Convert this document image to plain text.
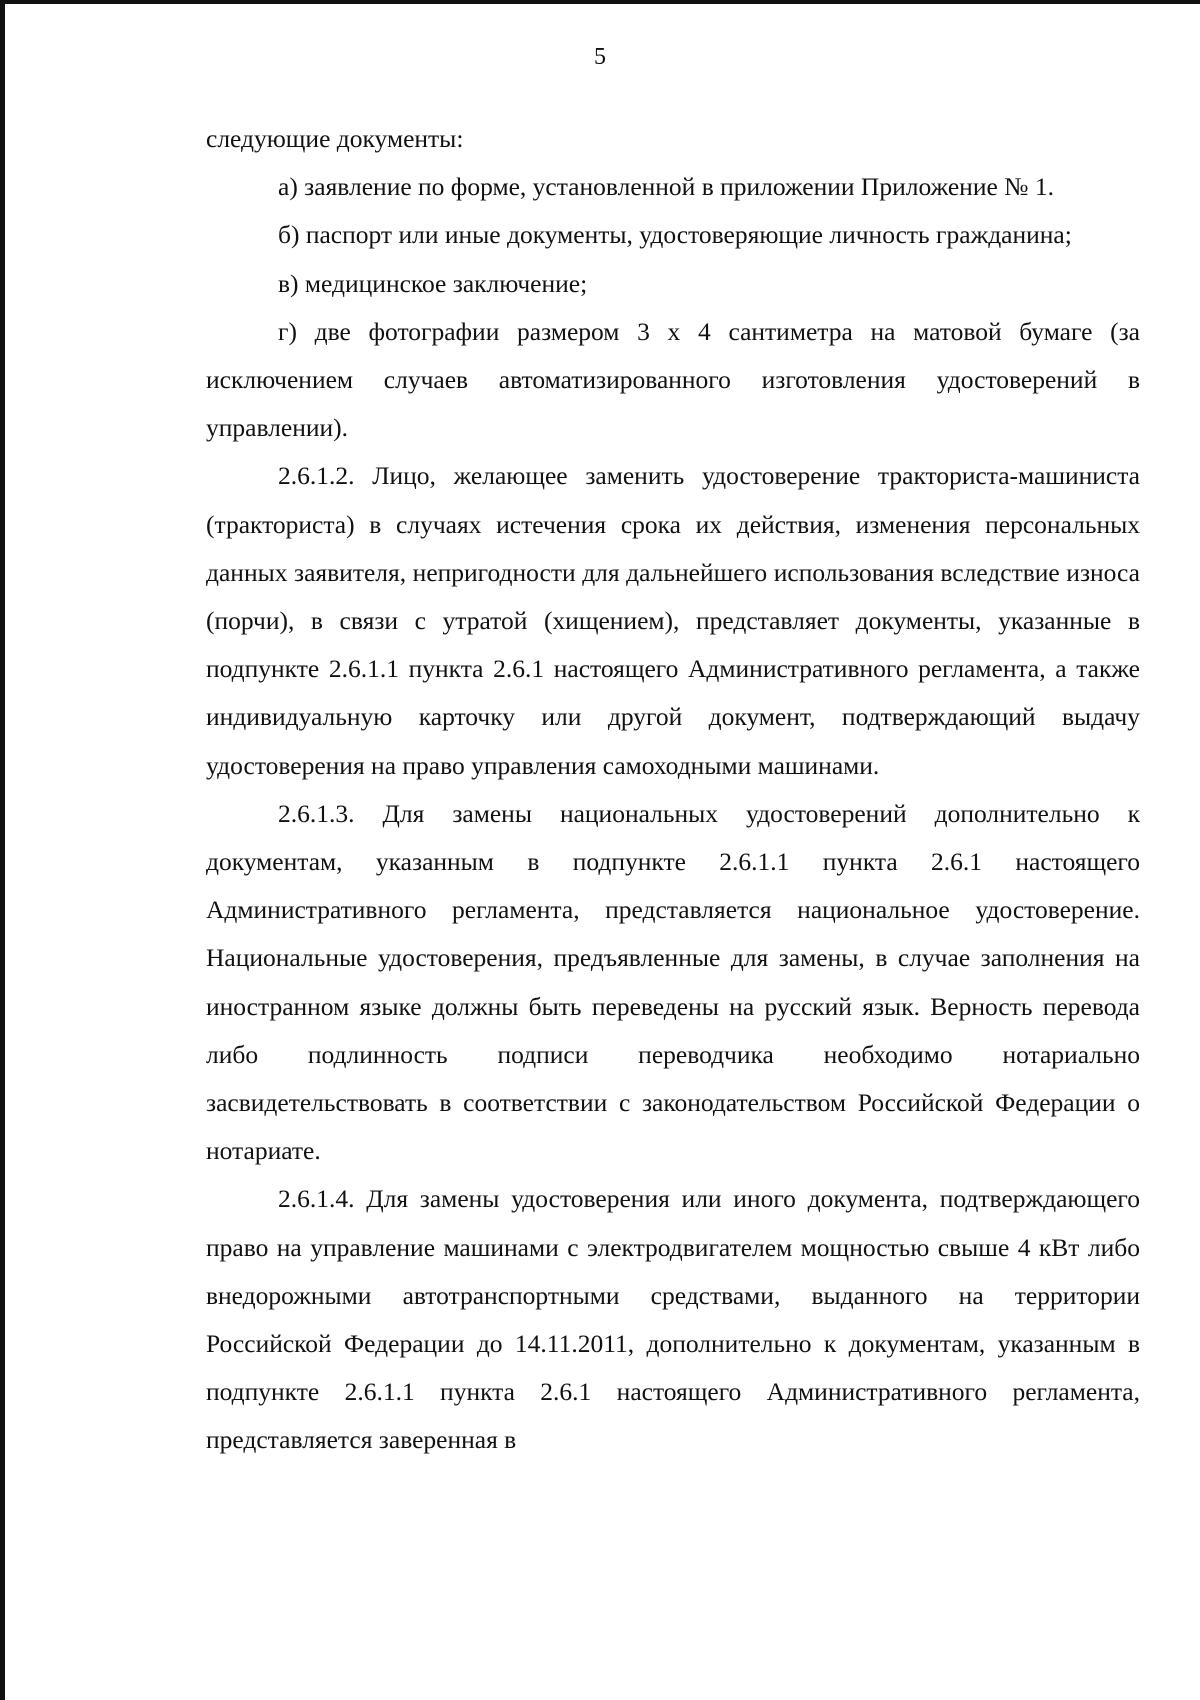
5

следующие документы:

а) заявление по форме, установленной в приложении Приложение № 1.

б) паспорт или иные документы, удостоверяющие личность гражданина;

в) медицинское заключение;

г) две фотографии размером 3 х 4 сантиметра на матовой бумаге (за исключением случаев автоматизированного изготовления удостоверений в управлении).

2.6.1.2. Лицо, желающее заменить удостоверение тракториста-машиниста (тракториста) в случаях истечения срока их действия, изменения персональных данных заявителя, непригодности для дальнейшего использования вследствие износа (порчи), в связи с утратой (хищением), представляет документы, указанные в подпункте 2.6.1.1 пункта 2.6.1 настоящего Административного регламента, а также индивидуальную карточку или другой документ, подтверждающий выдачу удостоверения на право управления самоходными машинами.

2.6.1.3. Для замены национальных удостоверений дополнительно к документам, указанным в подпункте 2.6.1.1 пункта 2.6.1 настоящего Административного регламента, представляется национальное удостоверение. Национальные удостоверения, предъявленные для замены, в случае заполнения на иностранном языке должны быть переведены на русский язык. Верность перевода либо подлинность подписи переводчика необходимо нотариально засвидетельствовать в соответствии с законодательством Российской Федерации о нотариате.

2.6.1.4. Для замены удостоверения или иного документа, подтверждающего право на управление машинами с электродвигателем мощностью свыше 4 кВт либо внедорожными автотранспортными средствами, выданного на территории Российской Федерации до 14.11.2011, дополнительно к документам, указанным в подпункте 2.6.1.1 пункта 2.6.1 настоящего Административного регламента, представляется заверенная в
